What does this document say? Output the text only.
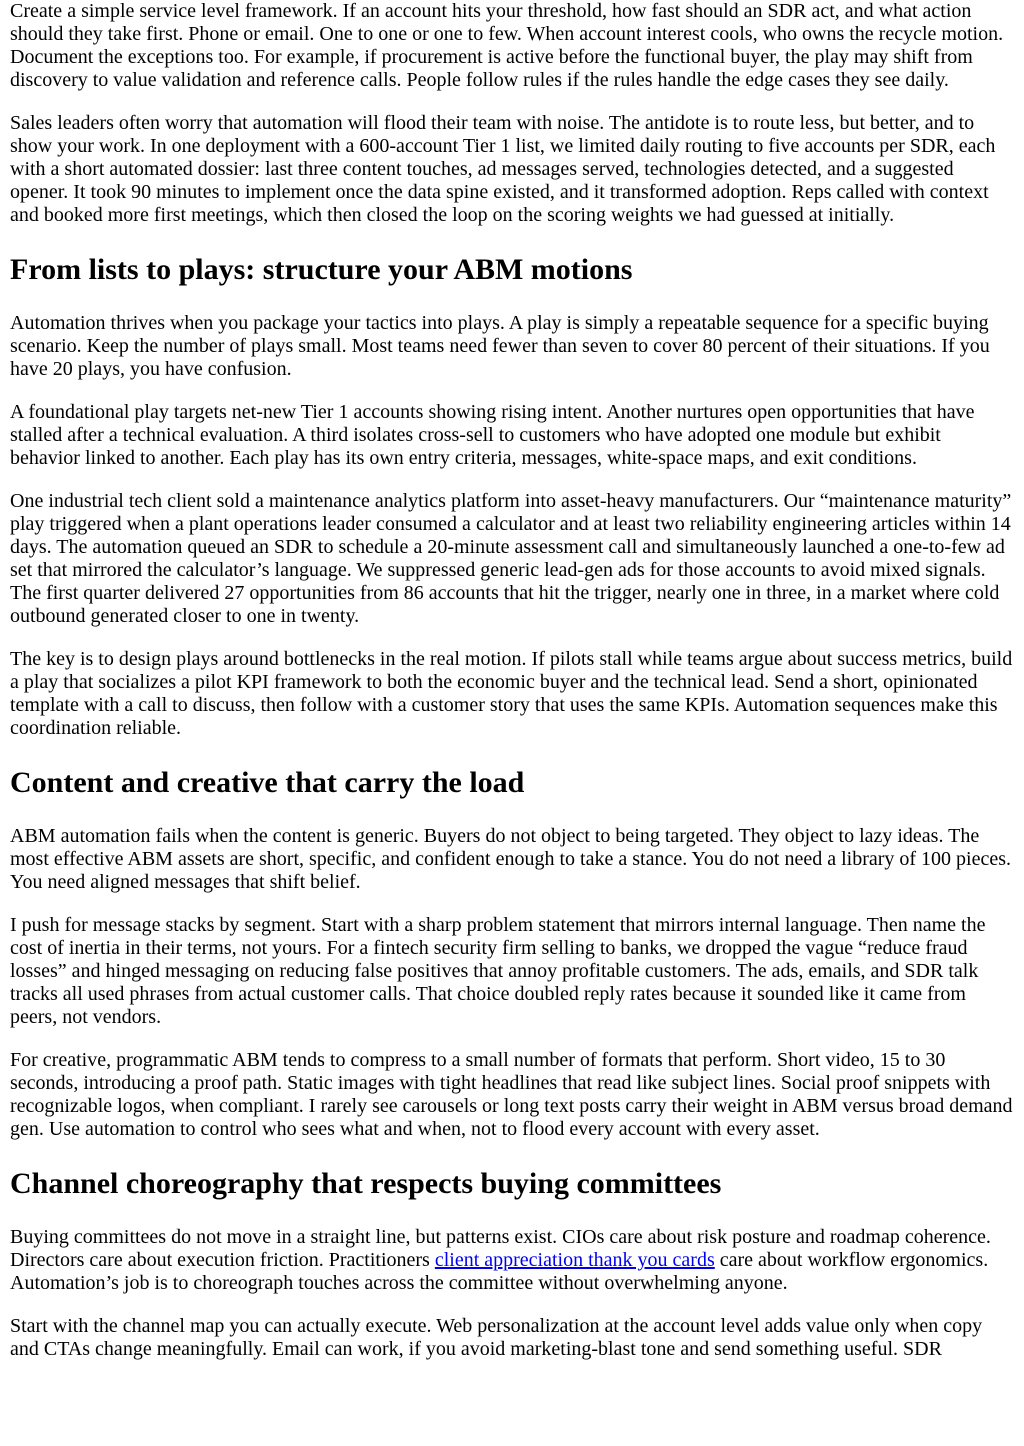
Create a simple service level framework. If an account hits your threshold, how fast should an SDR act, and what action should they take first. Phone or email. One to one or one to few. When account interest cools, who owns the recycle motion. Document the exceptions too. For example, if procurement is active before the functional buyer, the play may shift from discovery to value validation and reference calls. People follow rules if the rules handle the edge cases they see daily.

Sales leaders often worry that automation will flood their team with noise. The antidote is to route less, but better, and to show your work. In one deployment with a 600-account Tier 1 list, we limited daily routing to five accounts per SDR, each with a short automated dossier: last three content touches, ad messages served, technologies detected, and a suggested opener. It took 90 minutes to implement once the data spine existed, and it transformed adoption. Reps called with context and booked more first meetings, which then closed the loop on the scoring weights we had guessed at initially.

From lists to plays: structure your ABM motions

Automation thrives when you package your tactics into plays. A play is simply a repeatable sequence for a specific buying scenario. Keep the number of plays small. Most teams need fewer than seven to cover 80 percent of their situations. If you have 20 plays, you have confusion.

A foundational play targets net-new Tier 1 accounts showing rising intent. Another nurtures open opportunities that have stalled after a technical evaluation. A third isolates cross-sell to customers who have adopted one module but exhibit behavior linked to another. Each play has its own entry criteria, messages, white-space maps, and exit conditions.

One industrial tech client sold a maintenance analytics platform into asset-heavy manufacturers. Our “maintenance maturity” play triggered when a plant operations leader consumed a calculator and at least two reliability engineering articles within 14 days. The automation queued an SDR to schedule a 20-minute assessment call and simultaneously launched a one-to-few ad set that mirrored the calculator’s language. We suppressed generic lead-gen ads for those accounts to avoid mixed signals. The first quarter delivered 27 opportunities from 86 accounts that hit the trigger, nearly one in three, in a market where cold outbound generated closer to one in twenty.

The key is to design plays around bottlenecks in the real motion. If pilots stall while teams argue about success metrics, build a play that socializes a pilot KPI framework to both the economic buyer and the technical lead. Send a short, opinionated template with a call to discuss, then follow with a customer story that uses the same KPIs. Automation sequences make this coordination reliable.

Content and creative that carry the load

ABM automation fails when the content is generic. Buyers do not object to being targeted. They object to lazy ideas. The most effective ABM assets are short, specific, and confident enough to take a stance. You do not need a library of 100 pieces. You need aligned messages that shift belief.

I push for message stacks by segment. Start with a sharp problem statement that mirrors internal language. Then name the cost of inertia in their terms, not yours. For a fintech security firm selling to banks, we dropped the vague “reduce fraud losses” and hinged messaging on reducing false positives that annoy profitable customers. The ads, emails, and SDR talk tracks all used phrases from actual customer calls. That choice doubled reply rates because it sounded like it came from peers, not vendors.

For creative, programmatic ABM tends to compress to a small number of formats that perform. Short video, 15 to 30 seconds, introducing a proof path. Static images with tight headlines that read like subject lines. Social proof snippets with recognizable logos, when compliant. I rarely see carousels or long text posts carry their weight in ABM versus broad demand gen. Use automation to control who sees what and when, not to flood every account with every asset.

Channel choreography that respects buying committees

Buying committees do not move in a straight line, but patterns exist. CIOs care about risk posture and roadmap coherence. Directors care about execution friction. Practitioners client appreciation thank you cards care about workflow ergonomics. Automation’s job is to choreograph touches across the committee without overwhelming anyone.

Start with the channel map you can actually execute. Web personalization at the account level adds value only when copy and CTAs change meaningfully. Email can work, if you avoid marketing-blast tone and send something useful. SDR
